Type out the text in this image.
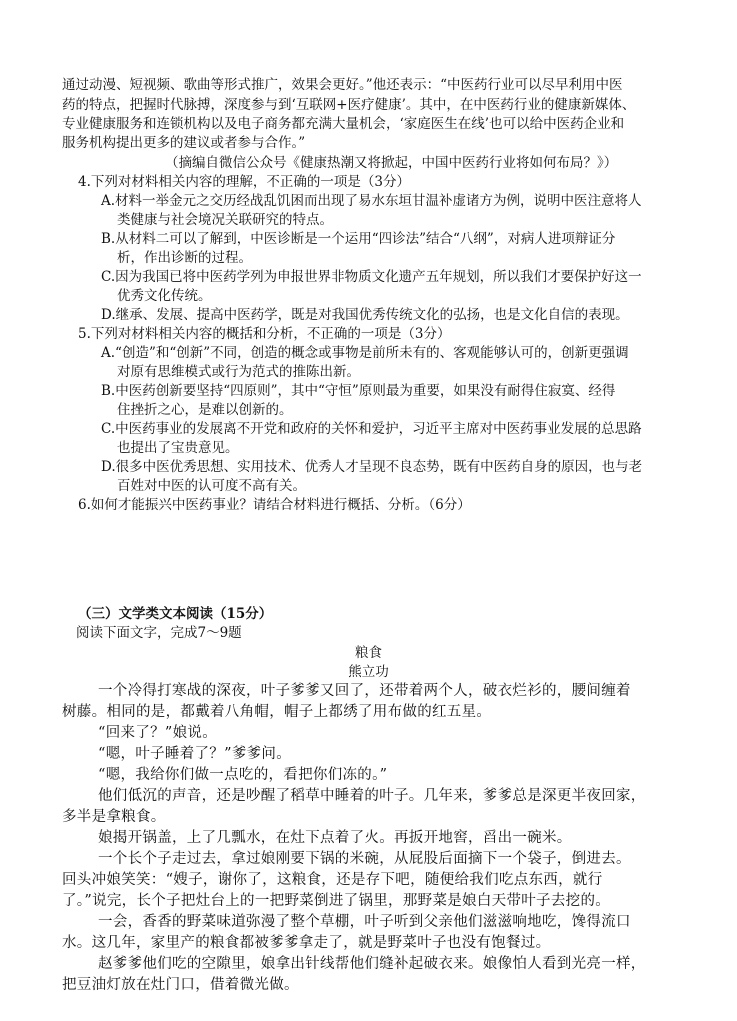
通过动漫、短视频、歌曲等形式推广，效果会更好。”他还表示：“中医药行业可以尽早利用中医
药的特点，把握时代脉搏，深度参与到‘互联网+医疗健康’。其中，在中医药行业的健康新媒体、
专业健康服务和连锁机构以及电子商务都充满大量机会，‘家庭医生在线’也可以给中医药企业和
服务机构提出更多的建议或者参与合作。”
（摘编自微信公众号《健康热潮又将掀起，中国中医药行业将如何布局？》）
4.下列对材料相关内容的理解，不正确的一项是（3分）
A.材料一举金元之交历经战乱饥困而出现了易水东垣甘温补虚诸方为例，说明中医注意将人
类健康与社会境况关联研究的特点。
B.从材料二可以了解到，中医诊断是一个运用“四诊法”结合“八纲”，对病人进项辩证分
析，作出诊断的过程。
C.因为我国已将中医药学列为申报世界非物质文化遗产五年规划，所以我们才要保护好这一
优秀文化传统。
D.继承、发展、提高中医药学，既是对我国优秀传统文化的弘扬，也是文化自信的表现。
5.下列对材料相关内容的概括和分析，不正确的一项是（3分）
A.“创造”和“创新”不同，创造的概念或事物是前所未有的、客观能够认可的，创新更强调
对原有思维模式或行为范式的推陈出新。
B.中医药创新要坚持“四原则”，其中“守恒”原则最为重要，如果没有耐得住寂寞、经得
住挫折之心，是难以创新的。
C.中医药事业的发展离不开党和政府的关怀和爱护，习近平主席对中医药事业发展的总思路
也提出了宝贵意见。
D.很多中医优秀思想、实用技术、优秀人才呈现不良态势，既有中医药自身的原因，也与老
百姓对中医的认可度不高有关。
6.如何才能振兴中医药事业？请结合材料进行概括、分析。（6分）
（三）文学类文本阅读（15分）
阅读下面文字，完成7～9题
粮食
熊立功
一个冷得打寒战的深夜，叶子爹爹又回了，还带着两个人，破衣烂衫的，腰间缠着
树藤。相同的是，都戴着八角帽，帽子上都绣了用布做的红五星。
“回来了？”娘说。
“嗯，叶子睡着了？”爹爹问。
“嗯，我给你们做一点吃的，看把你们冻的。”
他们低沉的声音，还是吵醒了稻草中睡着的叶子。几年来，爹爹总是深更半夜回家，
多半是拿粮食。
娘揭开锅盖，上了几瓢水，在灶下点着了火。再扳开地窖，舀出一碗米。
一个长个子走过去，拿过娘刚要下锅的米碗，从屁股后面摘下一个袋子，倒进去。
回头冲娘笑笑：“嫂子，谢你了，这粮食，还是存下吧，随便给我们吃点东西，就行
了。”说完，长个子把灶台上的一把野菜倒进了锅里，那野菜是娘白天带叶子去挖的。
一会，香香的野菜味道弥漫了整个草棚，叶子听到父亲他们滋滋响地吃，馋得流口
水。这几年，家里产的粮食都被爹爹拿走了，就是野菜叶子也没有饱餐过。
赵爹爹他们吃的空隙里，娘拿出针线帮他们缝补起破衣来。娘像怕人看到光亮一样，
把豆油灯放在灶门口，借着微光做。
